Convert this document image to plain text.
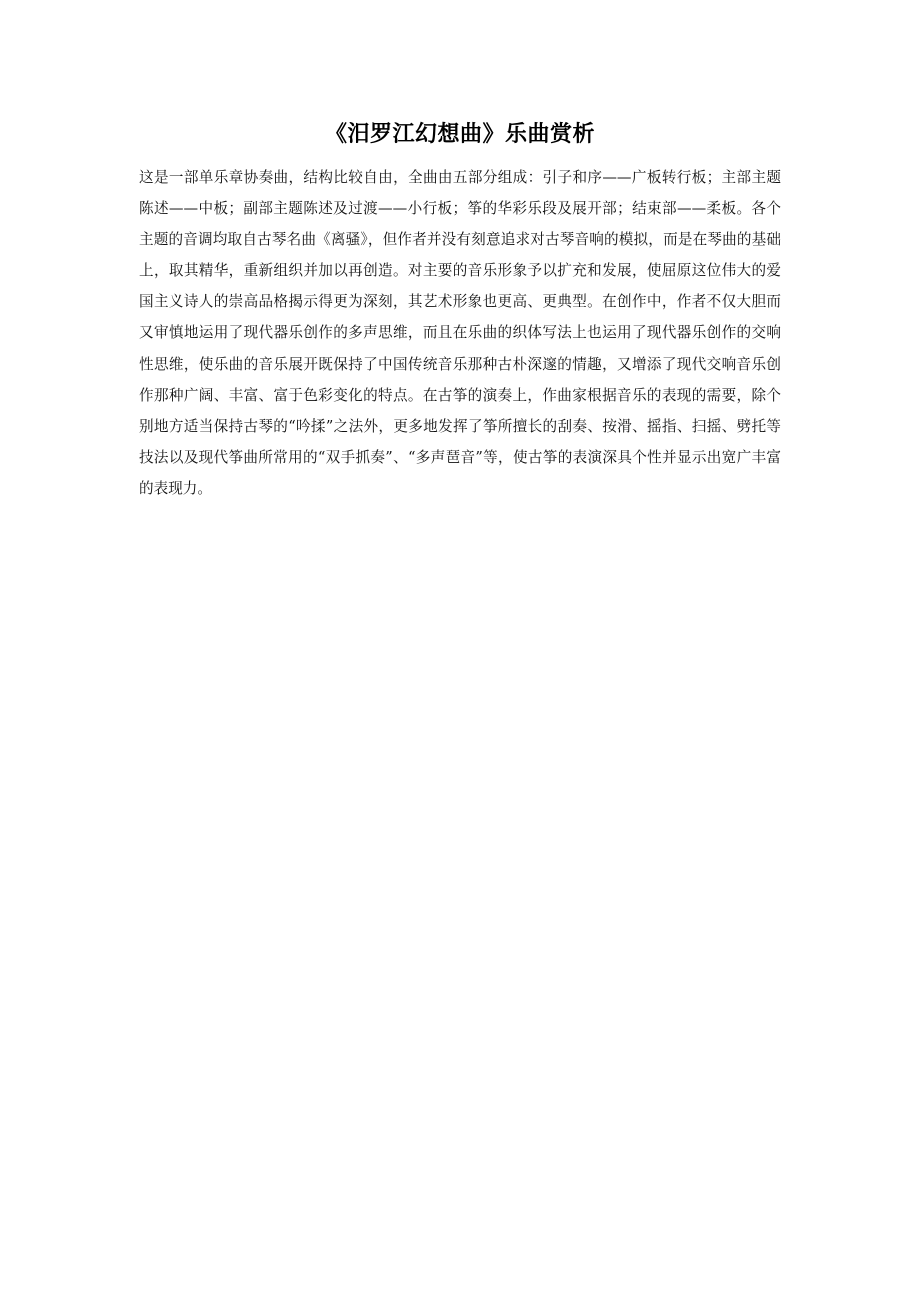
《汨罗江幻想曲》乐曲赏析

这是一部单乐章协奏曲，结构比较自由，全曲由五部分组成：引子和序——广板转行板；主部主题陈述——中板；副部主题陈述及过渡——小行板；筝的华彩乐段及展开部；结束部——柔板。各个主题的音调均取自古琴名曲《离骚》，但作者并没有刻意追求对古琴音响的模拟，而是在琴曲的基础上，取其精华，重新组织并加以再创造。对主要的音乐形象予以扩充和发展，使屈原这位伟大的爱国主义诗人的崇高品格揭示得更为深刻，其艺术形象也更高、更典型。在创作中，作者不仅大胆而又审慎地运用了现代器乐创作的多声思维，而且在乐曲的织体写法上也运用了现代器乐创作的交响性思维，使乐曲的音乐展开既保持了中国传统音乐那种古朴深邃的情趣，又增添了现代交响音乐创作那种广阔、丰富、富于色彩变化的特点。在古筝的演奏上，作曲家根据音乐的表现的需要，除个别地方适当保持古琴的“吟揉”之法外，更多地发挥了筝所擅长的刮奏、按滑、摇指、扫摇、劈托等技法以及现代筝曲所常用的“双手抓奏”、“多声琶音”等，使古筝的表演深具个性并显示出宽广丰富的表现力。
